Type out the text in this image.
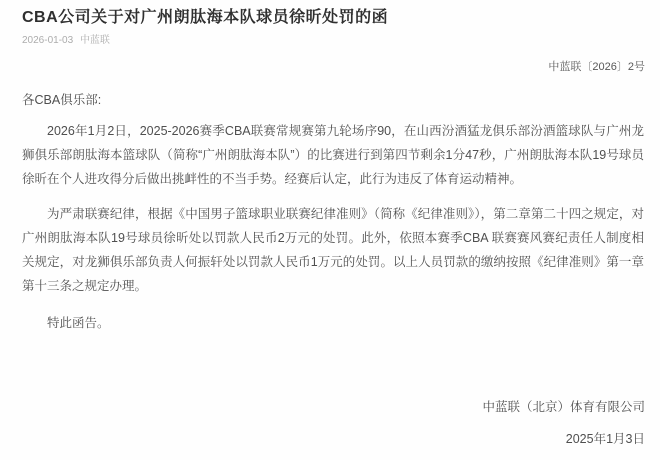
CBA公司关于对广州朗肽海本队球员徐昕处罚的函
2026-01-03 中蓝联
中蓝联〔2026〕2号
各CBA俱乐部:

2026年1月2日，2025-2026赛季CBA联赛常规赛第九轮场序90，在山西汾酒猛龙俱乐部汾酒篮球队与广州龙狮俱乐部朗肽海本篮球队（简称“广州朗肽海本队”）的比赛进行到第四节剩余1分47秒，广州朗肽海本队19号球员徐昕在个人进攻得分后做出挑衅性的不当手势。经赛后认定，此行为违反了体育运动精神。

为严肃联赛纪律，根据《中国男子篮球职业联赛纪律准则》（简称《纪律准则》），第二章第二十四之规定，对广州朗肽海本队19号球员徐昕处以罚款人民币2万元的处罚。此外，依照本赛季CBA 联赛赛风赛纪责任人制度相关规定，对龙狮俱乐部负责人何振轩处以罚款人民币1万元的处罚。以上人员罚款的缴纳按照《纪律准则》第一章第十三条之规定办理。

特此函告。

中蓝联（北京）体育有限公司
2025年1月3日
